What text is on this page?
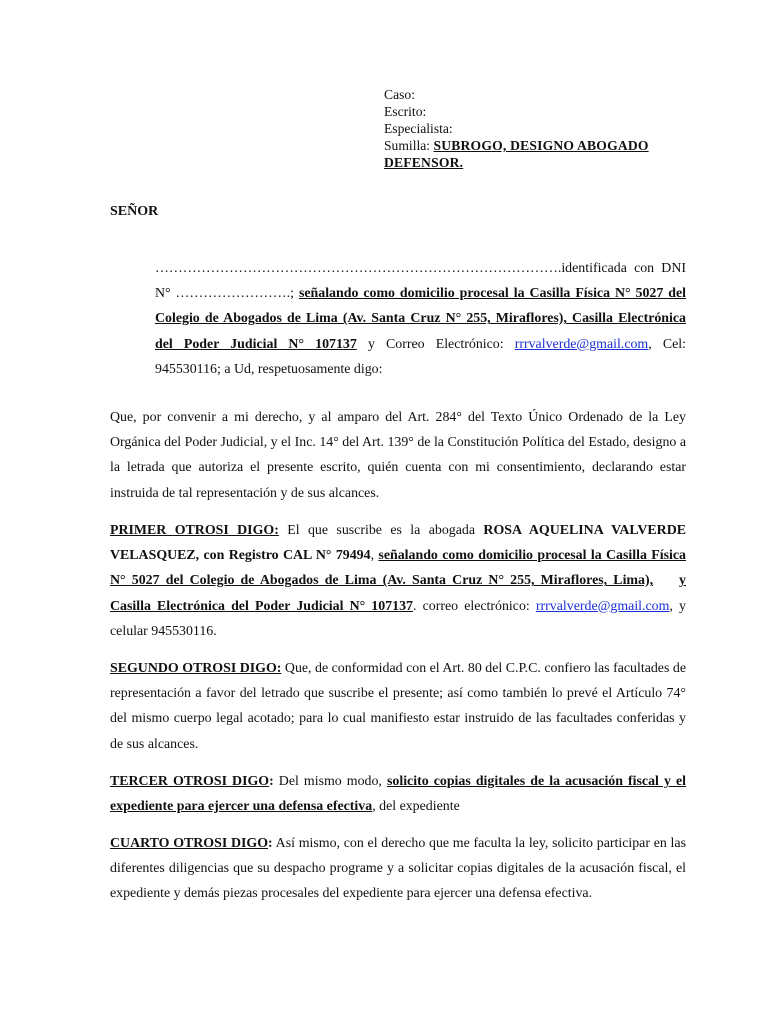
Caso:
Escrito:
Especialista:
Sumilla: SUBROGO, DESIGNO ABOGADO
DEFENSOR.
SEÑOR
…………………………………………………………………………….identificada con DNI N° …………………….; señalando como domicilio procesal la Casilla Física N° 5027 del Colegio de Abogados de Lima (Av. Santa Cruz N° 255, Miraflores), Casilla Electrónica del Poder Judicial N° 107137 y Correo Electrónico: rrrvalverde@gmail.com, Cel: 945530116; a Ud, respetuosamente digo:
Que, por convenir a mi derecho, y al amparo del Art. 284° del Texto Único Ordenado de la Ley Orgánica del Poder Judicial, y el Inc. 14° del Art. 139° de la Constitución Política del Estado, designo a la letrada que autoriza el presente escrito, quién cuenta con mi consentimiento, declarando estar instruida de tal representación y de sus alcances.
PRIMER OTROSI DIGO: El que suscribe es la abogada ROSA AQUELINA VALVERDE VELASQUEZ, con Registro CAL N° 79494, señalando como domicilio procesal la Casilla Física N° 5027 del Colegio de Abogados de Lima (Av. Santa Cruz N° 255, Miraflores, Lima), y Casilla Electrónica del Poder Judicial N° 107137. correo electrónico: rrrvalverde@gmail.com, y celular 945530116.
SEGUNDO OTROSI DIGO: Que, de conformidad con el Art. 80 del C.P.C. confiero las facultades de representación a favor del letrado que suscribe el presente; así como también lo prevé el Artículo 74° del mismo cuerpo legal acotado; para lo cual manifiesto estar instruido de las facultades conferidas y de sus alcances.
TERCER OTROSI DIGO: Del mismo modo, solicito copias digitales de la acusación fiscal y el expediente para ejercer una defensa efectiva, del expediente
CUARTO OTROSI DIGO: Así mismo, con el derecho que me faculta la ley, solicito participar en las diferentes diligencias que su despacho programe y a solicitar copias digitales de la acusación fiscal, el expediente y demás piezas procesales del expediente para ejercer una defensa efectiva.
